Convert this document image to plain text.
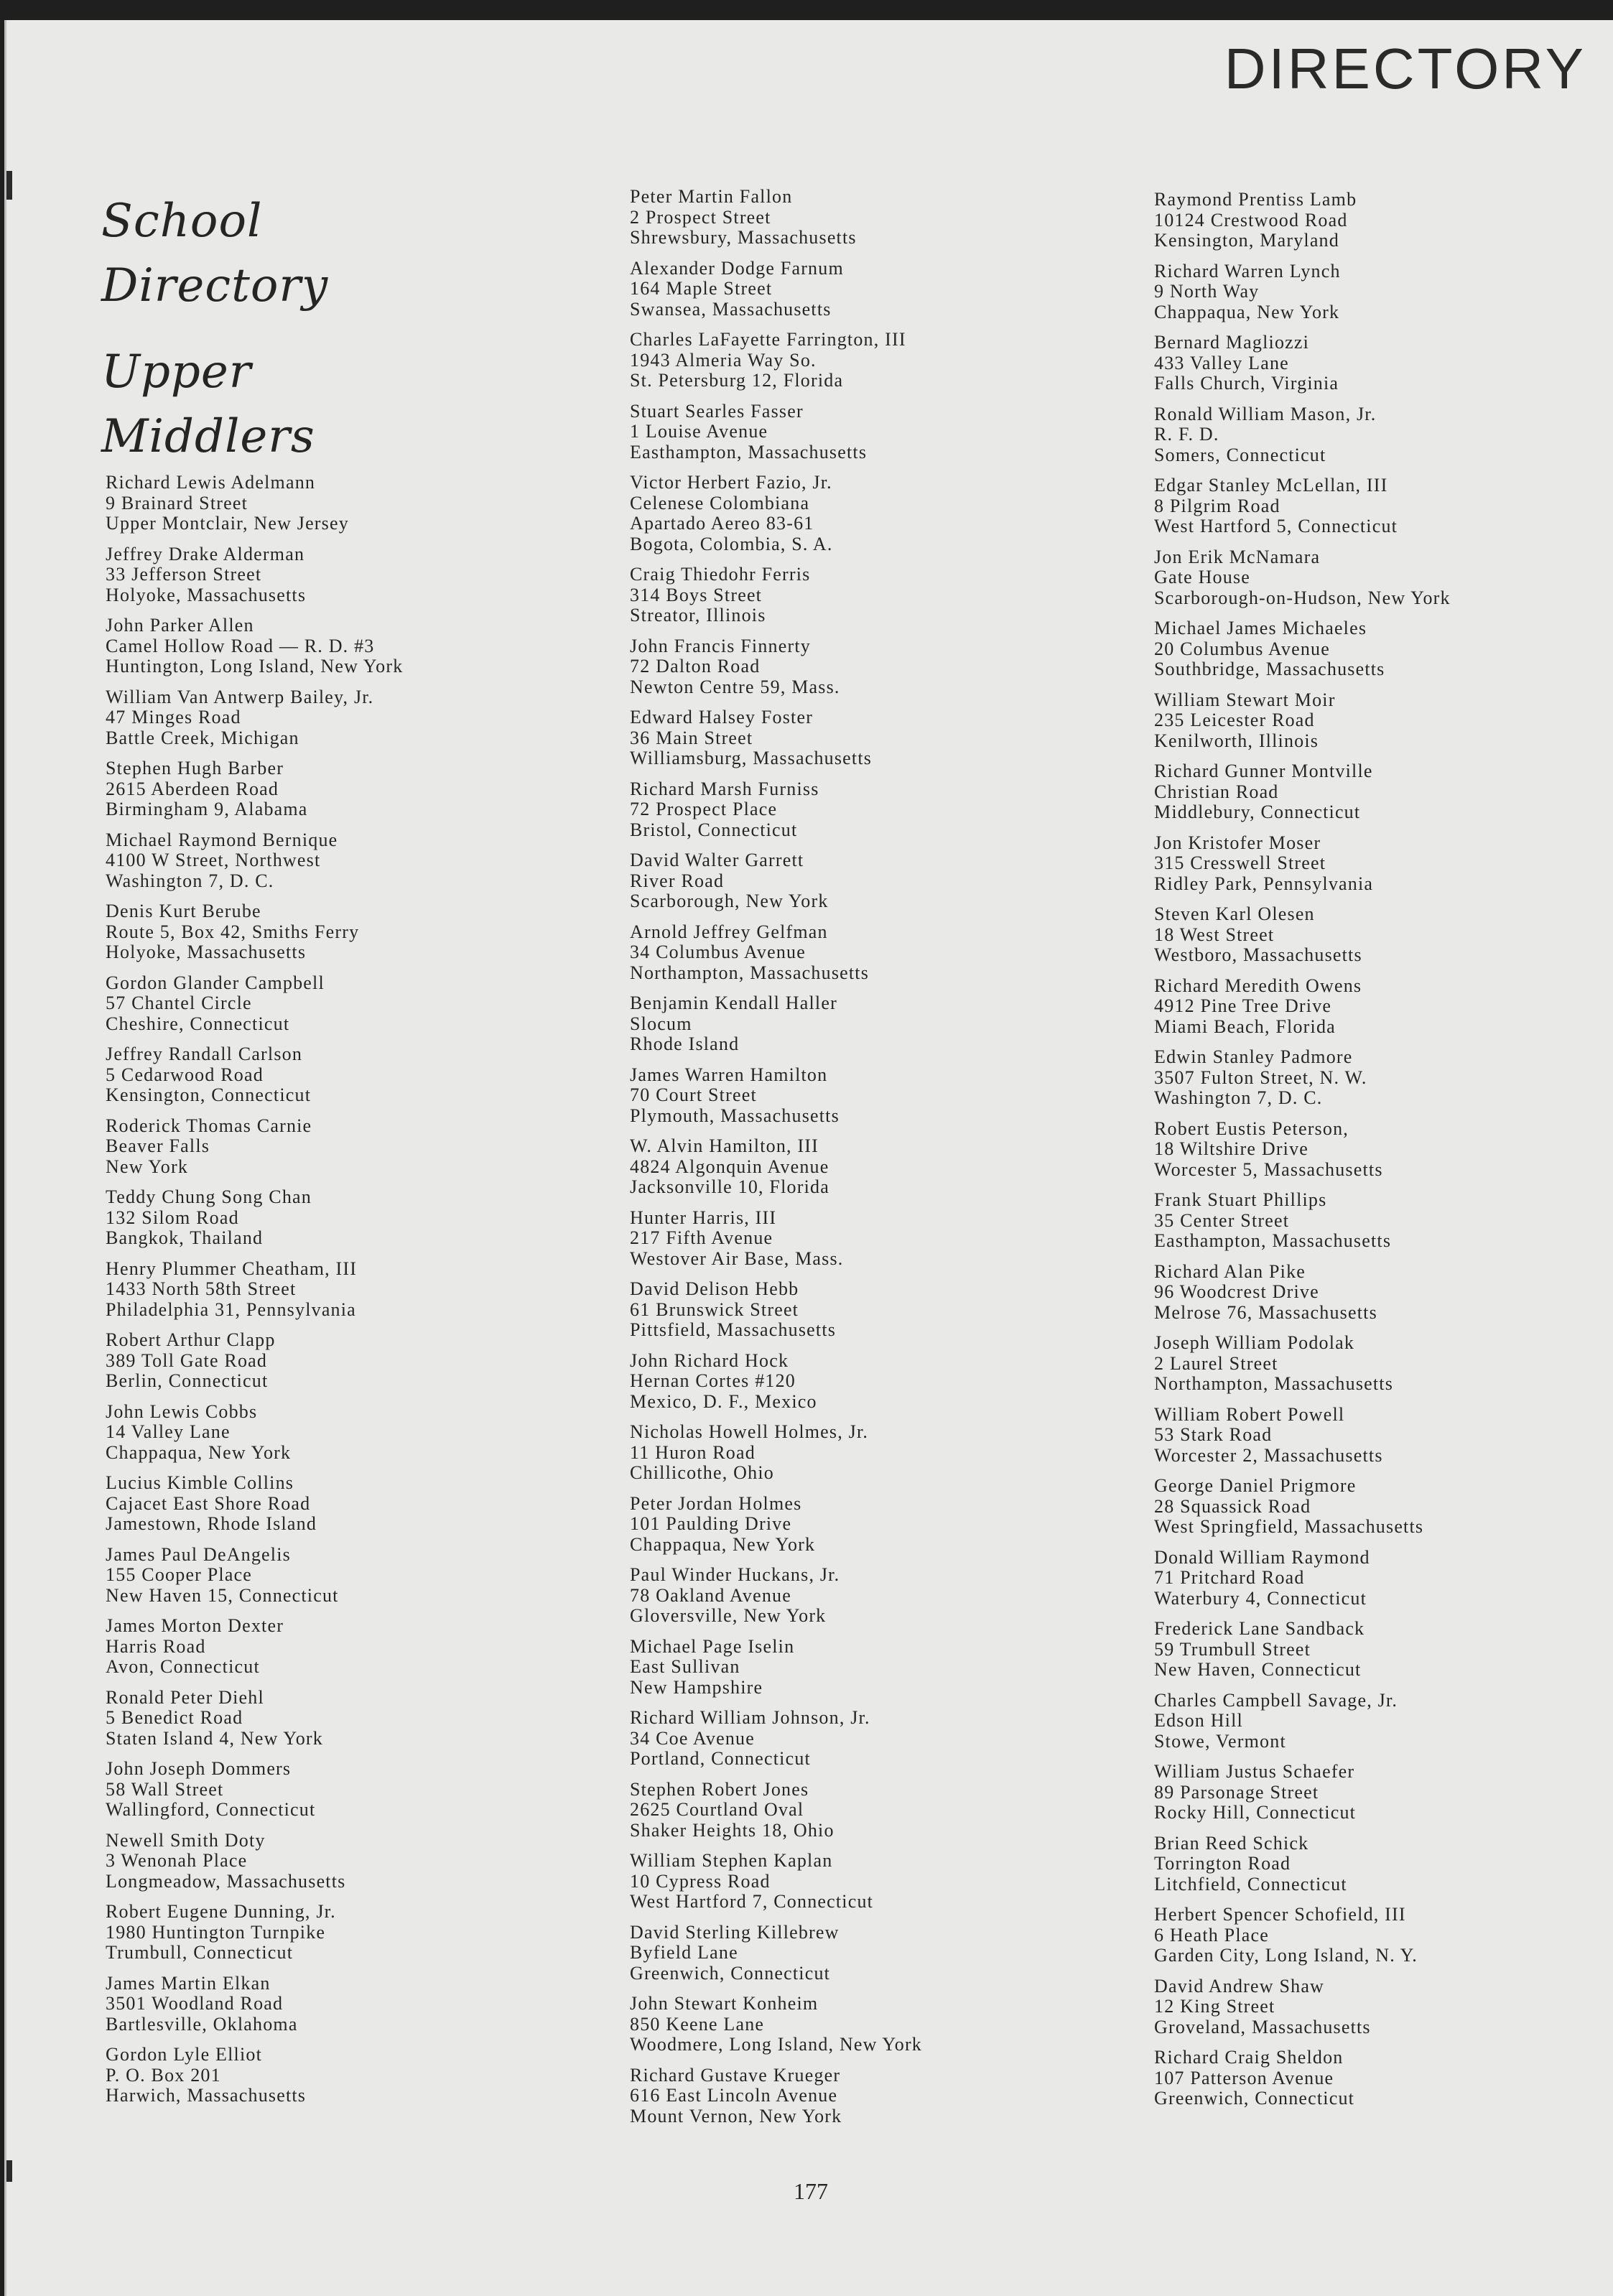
DIRECTORY
School
Directory
Upper
Middlers
Richard Lewis Adelmann
9 Brainard Street
Upper Montclair, New Jersey
Jeffrey Drake Alderman
33 Jefferson Street
Holyoke, Massachusetts
John Parker Allen
Camel Hollow Road — R. D. #3
Huntington, Long Island, New York
William Van Antwerp Bailey, Jr.
47 Minges Road
Battle Creek, Michigan
Stephen Hugh Barber
2615 Aberdeen Road
Birmingham 9, Alabama
Michael Raymond Bernique
4100 W Street, Northwest
Washington 7, D. C.
Denis Kurt Berube
Route 5, Box 42, Smiths Ferry
Holyoke, Massachusetts
Gordon Glander Campbell
57 Chantel Circle
Cheshire, Connecticut
Jeffrey Randall Carlson
5 Cedarwood Road
Kensington, Connecticut
Roderick Thomas Carnie
Beaver Falls
New York
Teddy Chung Song Chan
132 Silom Road
Bangkok, Thailand
Henry Plummer Cheatham, III
1433 North 58th Street
Philadelphia 31, Pennsylvania
Robert Arthur Clapp
389 Toll Gate Road
Berlin, Connecticut
John Lewis Cobbs
14 Valley Lane
Chappaqua, New York
Lucius Kimble Collins
Cajacet East Shore Road
Jamestown, Rhode Island
James Paul DeAngelis
155 Cooper Place
New Haven 15, Connecticut
James Morton Dexter
Harris Road
Avon, Connecticut
Ronald Peter Diehl
5 Benedict Road
Staten Island 4, New York
John Joseph Dommers
58 Wall Street
Wallingford, Connecticut
Newell Smith Doty
3 Wenonah Place
Longmeadow, Massachusetts
Robert Eugene Dunning, Jr.
1980 Huntington Turnpike
Trumbull, Connecticut
James Martin Elkan
3501 Woodland Road
Bartlesville, Oklahoma
Gordon Lyle Elliot
P. O. Box 201
Harwich, Massachusetts
Peter Martin Fallon
2 Prospect Street
Shrewsbury, Massachusetts
Alexander Dodge Farnum
164 Maple Street
Swansea, Massachusetts
Charles LaFayette Farrington, III
1943 Almeria Way So.
St. Petersburg 12, Florida
Stuart Searles Fasser
1 Louise Avenue
Easthampton, Massachusetts
Victor Herbert Fazio, Jr.
Celenese Colombiana
Apartado Aereo 83-61
Bogota, Colombia, S. A.
Craig Thiedohr Ferris
314 Boys Street
Streator, Illinois
John Francis Finnerty
72 Dalton Road
Newton Centre 59, Mass.
Edward Halsey Foster
36 Main Street
Williamsburg, Massachusetts
Richard Marsh Furniss
72 Prospect Place
Bristol, Connecticut
David Walter Garrett
River Road
Scarborough, New York
Arnold Jeffrey Gelfman
34 Columbus Avenue
Northampton, Massachusetts
Benjamin Kendall Haller
Slocum
Rhode Island
James Warren Hamilton
70 Court Street
Plymouth, Massachusetts
W. Alvin Hamilton, III
4824 Algonquin Avenue
Jacksonville 10, Florida
Hunter Harris, III
217 Fifth Avenue
Westover Air Base, Mass.
David Delison Hebb
61 Brunswick Street
Pittsfield, Massachusetts
John Richard Hock
Hernan Cortes #120
Mexico, D. F., Mexico
Nicholas Howell Holmes, Jr.
11 Huron Road
Chillicothe, Ohio
Peter Jordan Holmes
101 Paulding Drive
Chappaqua, New York
Paul Winder Huckans, Jr.
78 Oakland Avenue
Gloversville, New York
Michael Page Iselin
East Sullivan
New Hampshire
Richard William Johnson, Jr.
34 Coe Avenue
Portland, Connecticut
Stephen Robert Jones
2625 Courtland Oval
Shaker Heights 18, Ohio
William Stephen Kaplan
10 Cypress Road
West Hartford 7, Connecticut
David Sterling Killebrew
Byfield Lane
Greenwich, Connecticut
John Stewart Konheim
850 Keene Lane
Woodmere, Long Island, New York
Richard Gustave Krueger
616 East Lincoln Avenue
Mount Vernon, New York
Raymond Prentiss Lamb
10124 Crestwood Road
Kensington, Maryland
Richard Warren Lynch
9 North Way
Chappaqua, New York
Bernard Magliozzi
433 Valley Lane
Falls Church, Virginia
Ronald William Mason, Jr.
R. F. D.
Somers, Connecticut
Edgar Stanley McLellan, III
8 Pilgrim Road
West Hartford 5, Connecticut
Jon Erik McNamara
Gate House
Scarborough-on-Hudson, New York
Michael James Michaeles
20 Columbus Avenue
Southbridge, Massachusetts
William Stewart Moir
235 Leicester Road
Kenilworth, Illinois
Richard Gunner Montville
Christian Road
Middlebury, Connecticut
Jon Kristofer Moser
315 Cresswell Street
Ridley Park, Pennsylvania
Steven Karl Olesen
18 West Street
Westboro, Massachusetts
Richard Meredith Owens
4912 Pine Tree Drive
Miami Beach, Florida
Edwin Stanley Padmore
3507 Fulton Street, N. W.
Washington 7, D. C.
Robert Eustis Peterson,
18 Wiltshire Drive
Worcester 5, Massachusetts
Frank Stuart Phillips
35 Center Street
Easthampton, Massachusetts
Richard Alan Pike
96 Woodcrest Drive
Melrose 76, Massachusetts
Joseph William Podolak
2 Laurel Street
Northampton, Massachusetts
William Robert Powell
53 Stark Road
Worcester 2, Massachusetts
George Daniel Prigmore
28 Squassick Road
West Springfield, Massachusetts
Donald William Raymond
71 Pritchard Road
Waterbury 4, Connecticut
Frederick Lane Sandback
59 Trumbull Street
New Haven, Connecticut
Charles Campbell Savage, Jr.
Edson Hill
Stowe, Vermont
William Justus Schaefer
89 Parsonage Street
Rocky Hill, Connecticut
Brian Reed Schick
Torrington Road
Litchfield, Connecticut
Herbert Spencer Schofield, III
6 Heath Place
Garden City, Long Island, N. Y.
David Andrew Shaw
12 King Street
Groveland, Massachusetts
Richard Craig Sheldon
107 Patterson Avenue
Greenwich, Connecticut
177
